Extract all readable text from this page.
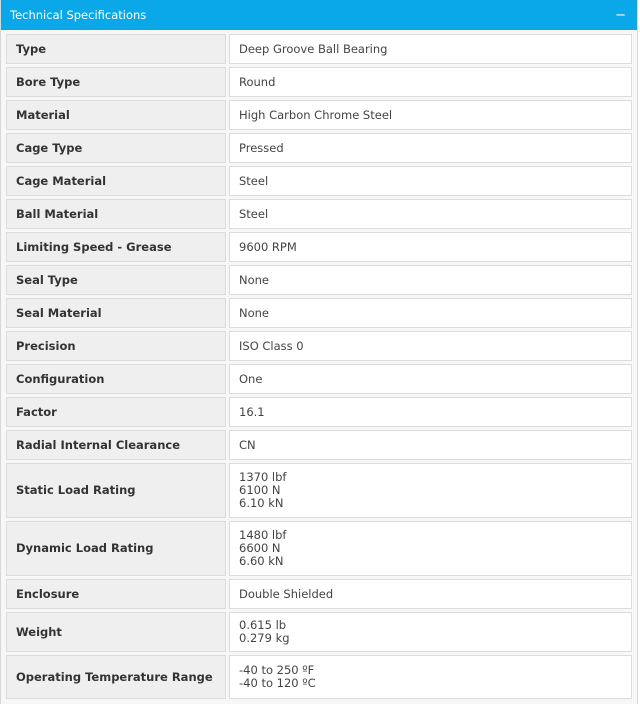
Technical Specifications	−
Type	Deep Groove Ball Bearing

Bore Type	Round

Material	High Carbon Chrome Steel

Cage Type	Pressed

Cage Material	Steel

Ball Material	Steel

Limiting Speed - Grease	9600 RPM

Seal Type	None

Seal Material	None

Precision	ISO Class 0

Configuration	One

Factor	16.1

Radial Internal Clearance	CN

Static Load Rating	1370 lbf
6100 N
6.10 kN

Dynamic Load Rating	1480 lbf
6600 N
6.60 kN

Enclosure	Double Shielded

Weight	0.615 lb
0.279 kg

Operating Temperature Range	-40 to 250 ºF
-40 to 120 ºC
